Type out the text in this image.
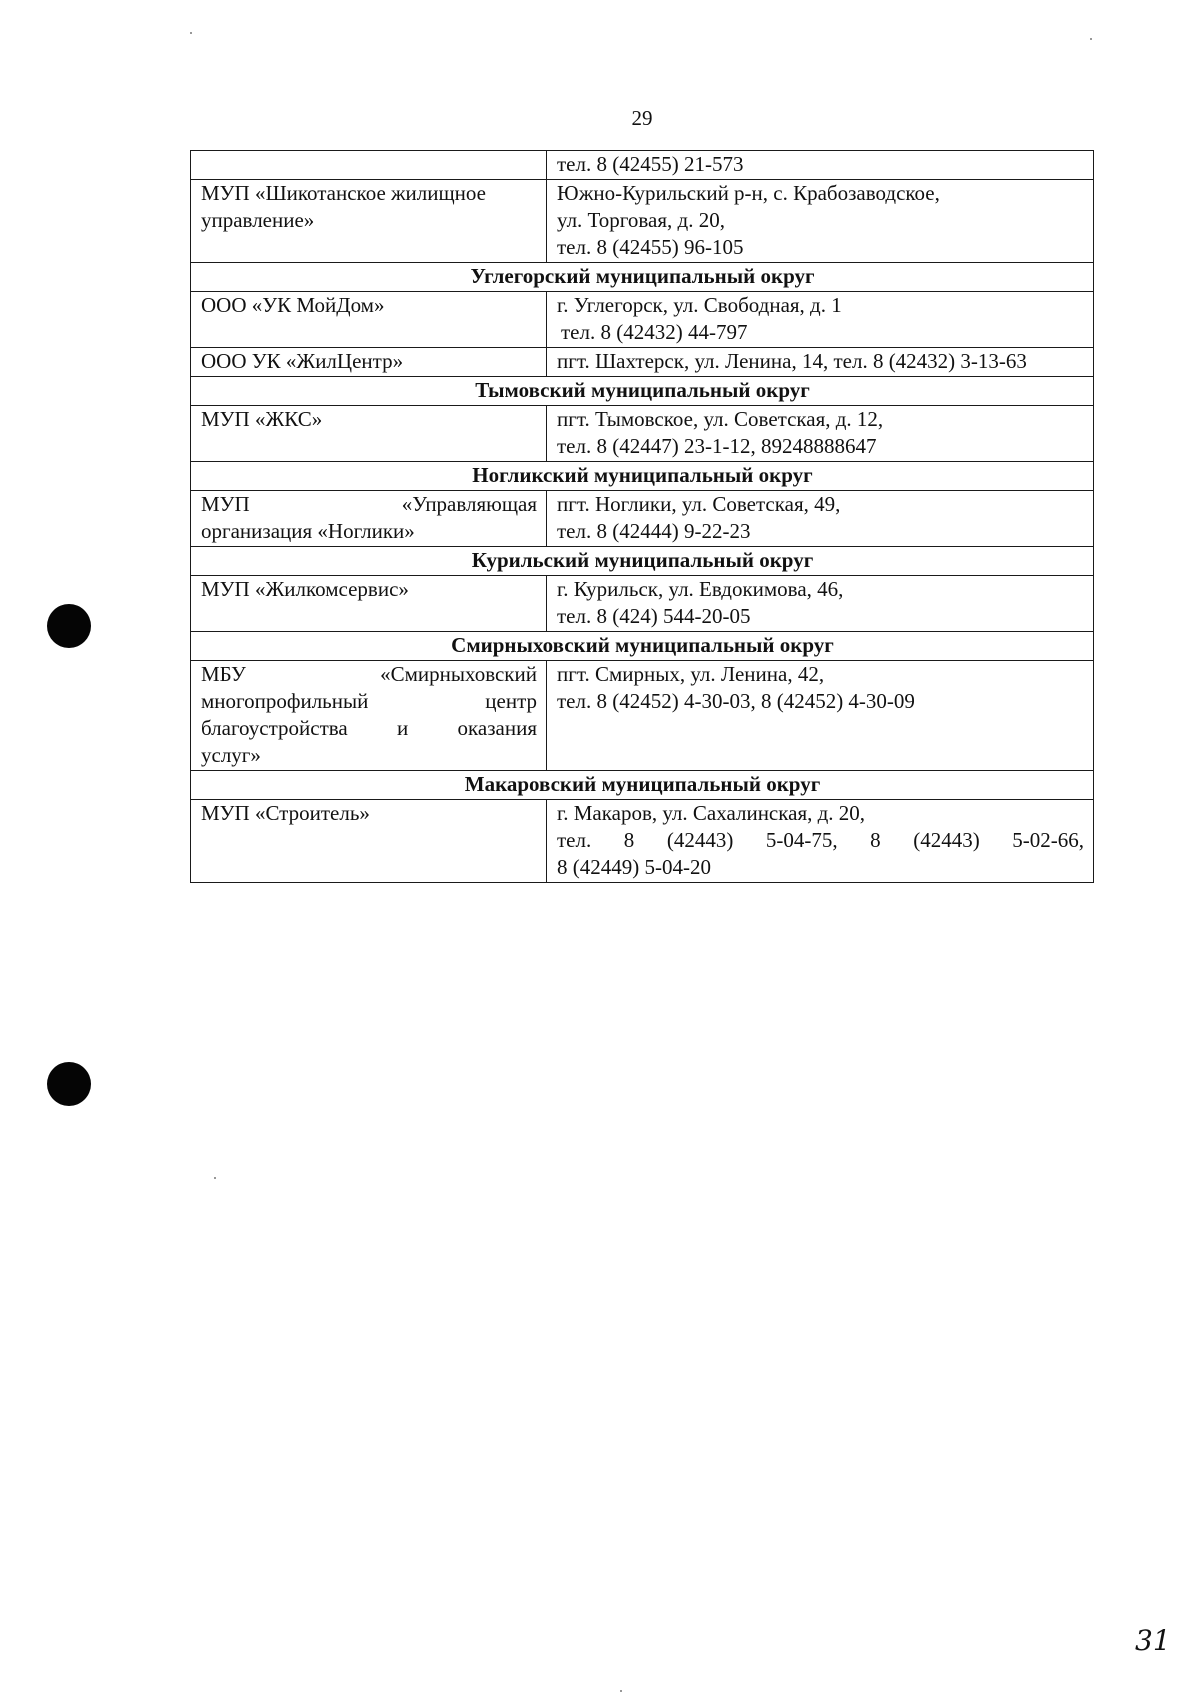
29

	тел. 8 (42455) 21-573

МУП «Шикотанское жилищное
управление»	Южно-Курильский р-н, с. Крабозаводское,
ул. Торговая, д. 20,
тел. 8 (42455) 96-105

Углегорский муниципальный округ	

ООО «УК МойДом»	г. Углегорск, ул. Свободная, д. 1
тел. 8 (42432) 44-797

ООО УК «ЖилЦентр»	пгт. Шахтерск, ул. Ленина, 14, тел. 8 (42432) 3-13-63

Тымовский муниципальный округ	

МУП «ЖКС»	пгт. Тымовское, ул. Советская, д. 12,
тел. 8 (42447) 23-1-12, 89248888647

Ногликский муниципальный округ	

МУП «Управляющая
организация «Ноглики»	пгт. Ноглики, ул. Советская, 49,
тел. 8 (42444) 9-22-23

Курильский муниципальный округ	

МУП «Жилкомсервис»	г. Курильск, ул. Евдокимова, 46,
тел. 8 (424) 544-20-05

Смирныховский муниципальный округ	

МБУ «Смирныховский
многопрофильный центр
благоустройства и оказания
услуг»	пгт. Смирных, ул. Ленина, 42,
тел. 8 (42452) 4-30-03, 8 (42452) 4-30-09

Макаровский муниципальный округ	

МУП «Строитель»	г. Макаров, ул. Сахалинская, д. 20,
тел. 8 (42443) 5-04-75, 8 (42443) 5-02-66,
8 (42449) 5-04-20
31
